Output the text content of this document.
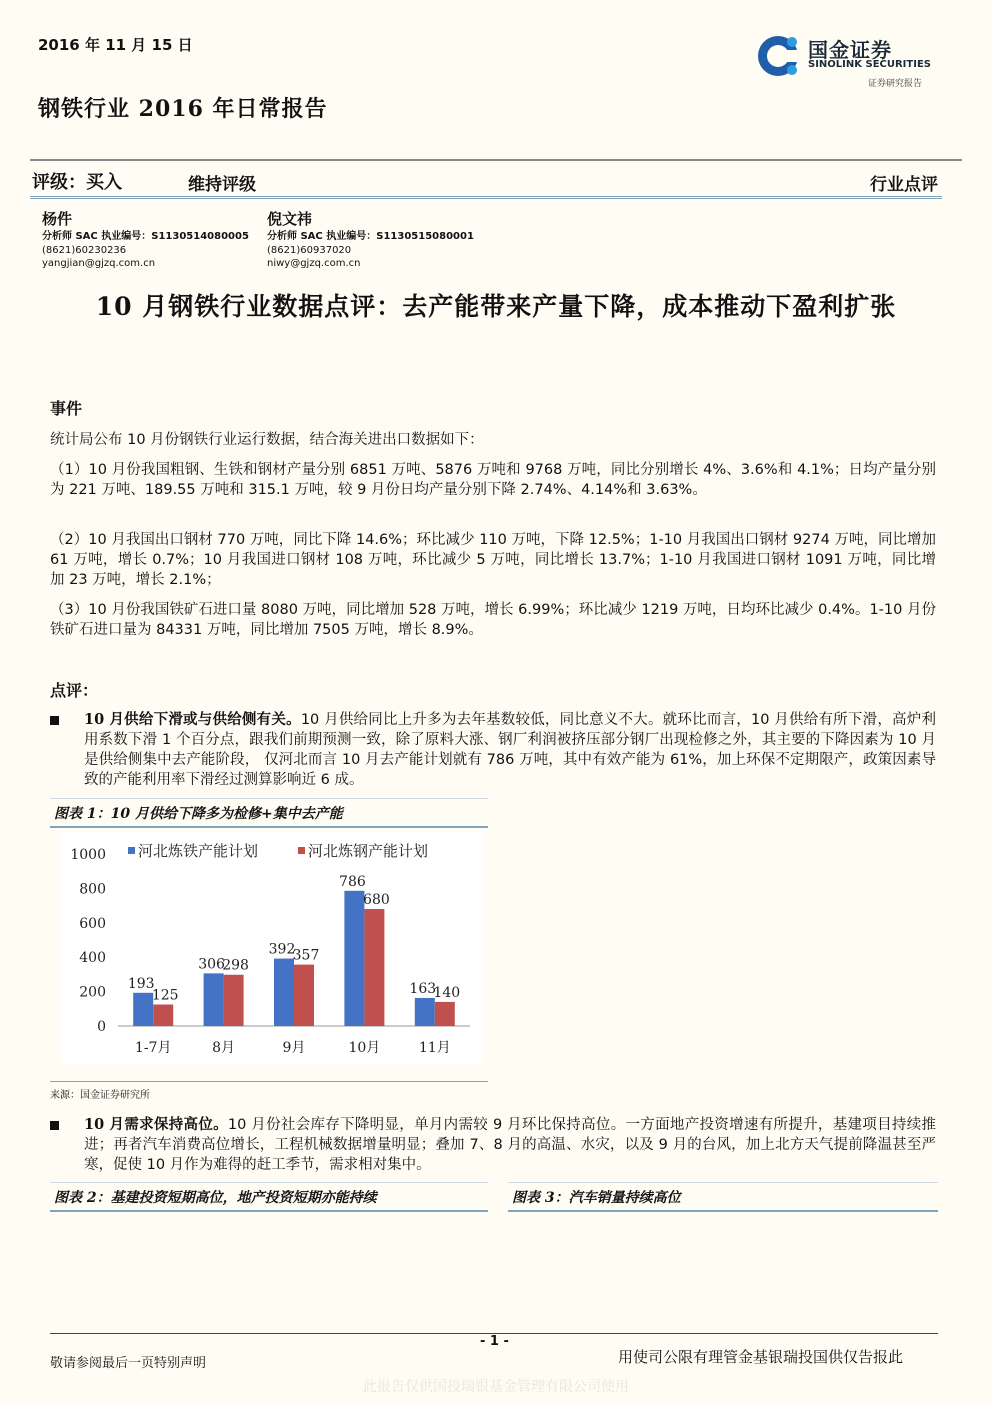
2016 年 11 月 15 日	国金证券
SINOLINK SECURITIES
证券研究报告
钢铁行业 2016 年日常报告
评级：买入	维持评级	行业点评
杨件
分析师 SAC 执业编号：S1130514080005
(8621)60230236
yangjian@gjzq.com.cn
倪文祎
分析师 SAC 执业编号：S1130515080001
(8621)60937020
niwy@gjzq.com.cn
10 月钢铁行业数据点评：去产能带来产量下降，成本推动下盈利扩张
事件
统计局公布 10 月份钢铁行业运行数据，结合海关进出口数据如下：
（1）10 月份我国粗钢、生铁和钢材产量分别 6851 万吨、5876 万吨和 9768 万吨，同比分别增长 4%、3.6%和 4.1%；日均产量分别为 221 万吨、189.55 万吨和 315.1 万吨，较 9 月份日均产量分别下降 2.74%、4.14%和 3.63%。
（2）10 月我国出口钢材 770 万吨，同比下降 14.6%；环比减少 110 万吨，下降 12.5%；1-10 月我国出口钢材 9274 万吨，同比增加 61 万吨，增长 0.7%；10 月我国进口钢材 108 万吨，环比减少 5 万吨，同比增长 13.7%；1-10 月我国进口钢材 1091 万吨，同比增加 23 万吨，增长 2.1%；
（3）10 月份我国铁矿石进口量 8080 万吨，同比增加 528 万吨，增长 6.99%；环比减少 1219 万吨，日均环比减少 0.4%。1-10 月份铁矿石进口量为 84331 万吨，同比增加 7505 万吨，增长 8.9%。
点评：
10 月供给下滑或与供给侧有关。10 月供给同比上升多为去年基数较低，同比意义不大。就环比而言，10 月供给有所下滑，高炉利用系数下滑 1 个百分点，跟我们前期预测一致，除了原料大涨、钢厂利润被挤压部分钢厂出现检修之外，其主要的下降因素为 10 月是供给侧集中去产能阶段， 仅河北而言 10 月去产能计划就有 786 万吨，其中有效产能为 61%，加上环保不定期限产，政策因素导致的产能利用率下滑经过测算影响近 6 成。
图表 1：10 月供给下降多为检修+集中去产能
0
200
400
600
800
1000
1-7月
193
125
8月
306
298
9月
392
357
10月
786
680
11月
163
140
河北炼铁产能计划	河北炼钢产能计划
来源：国金证券研究所
10 月需求保持高位。10 月份社会库存下降明显，单月内需较 9 月环比保持高位。一方面地产投资增速有所提升，基建项目持续推进；再者汽车消费高位增长，工程机械数据增量明显；叠加 7、8 月的高温、水灾，以及 9 月的台风，加上北方天气提前降温甚至严寒，促使 10 月作为难得的赶工季节，需求相对集中。
图表 2：基建投资短期高位，地产投资短期亦能持续	图表 3：汽车销量持续高位
- 1 -
敬请参阅最后一页特别声明	用使司公限有理管金基银瑞投国供仅告报此
此报告仅供国投瑞银基金管理有限公司使用
